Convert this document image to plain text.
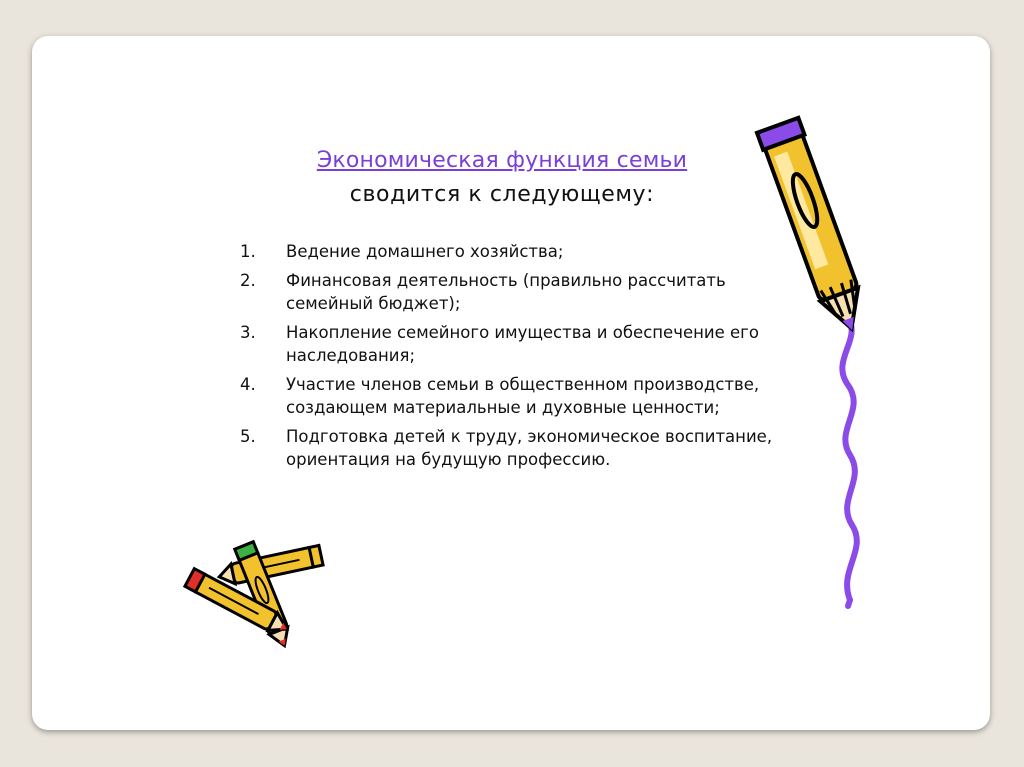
Экономическая функция семьи
сводится к следующему:
1. Ведение домашнего хозяйства;
2. Финансовая деятельность (правильно рассчитать семейный бюджет);
3. Накопление семейного имущества и обеспечение его наследования;
4. Участие членов семьи в общественном производстве, создающем материальные и духовные ценности;
5. Подготовка детей к труду, экономическое воспитание, ориентация на будущую профессию.
